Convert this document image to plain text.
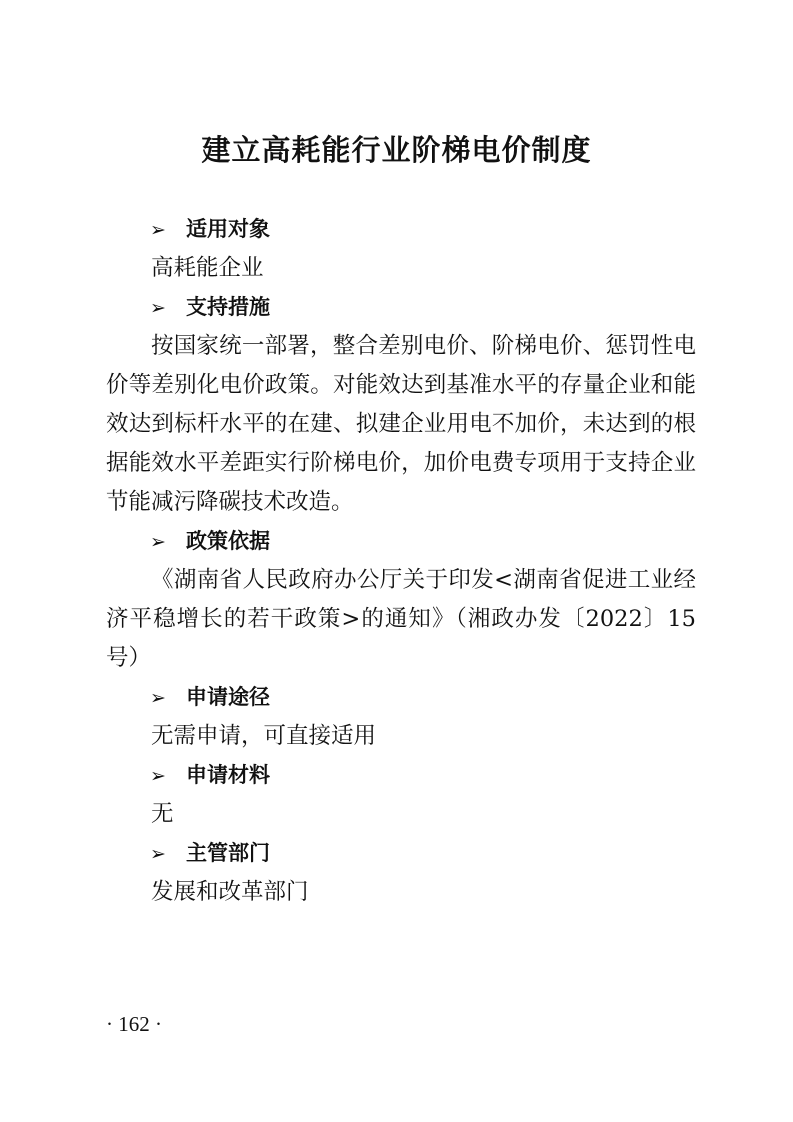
建立高耗能行业阶梯电价制度
➢ 适用对象
高耗能企业
➢ 支持措施
按国家统一部署，整合差别电价、阶梯电价、惩罚性电价等差别化电价政策。对能效达到基准水平的存量企业和能效达到标杆水平的在建、拟建企业用电不加价，未达到的根据能效水平差距实行阶梯电价，加价电费专项用于支持企业节能减污降碳技术改造。
➢ 政策依据
《湖南省人民政府办公厅关于印发<湖南省促进工业经济平稳增长的若干政策>的通知》（湘政办发〔2022〕15号）
➢ 申请途径
无需申请，可直接适用
➢ 申请材料
无
➢ 主管部门
发展和改革部门
· 162 ·
